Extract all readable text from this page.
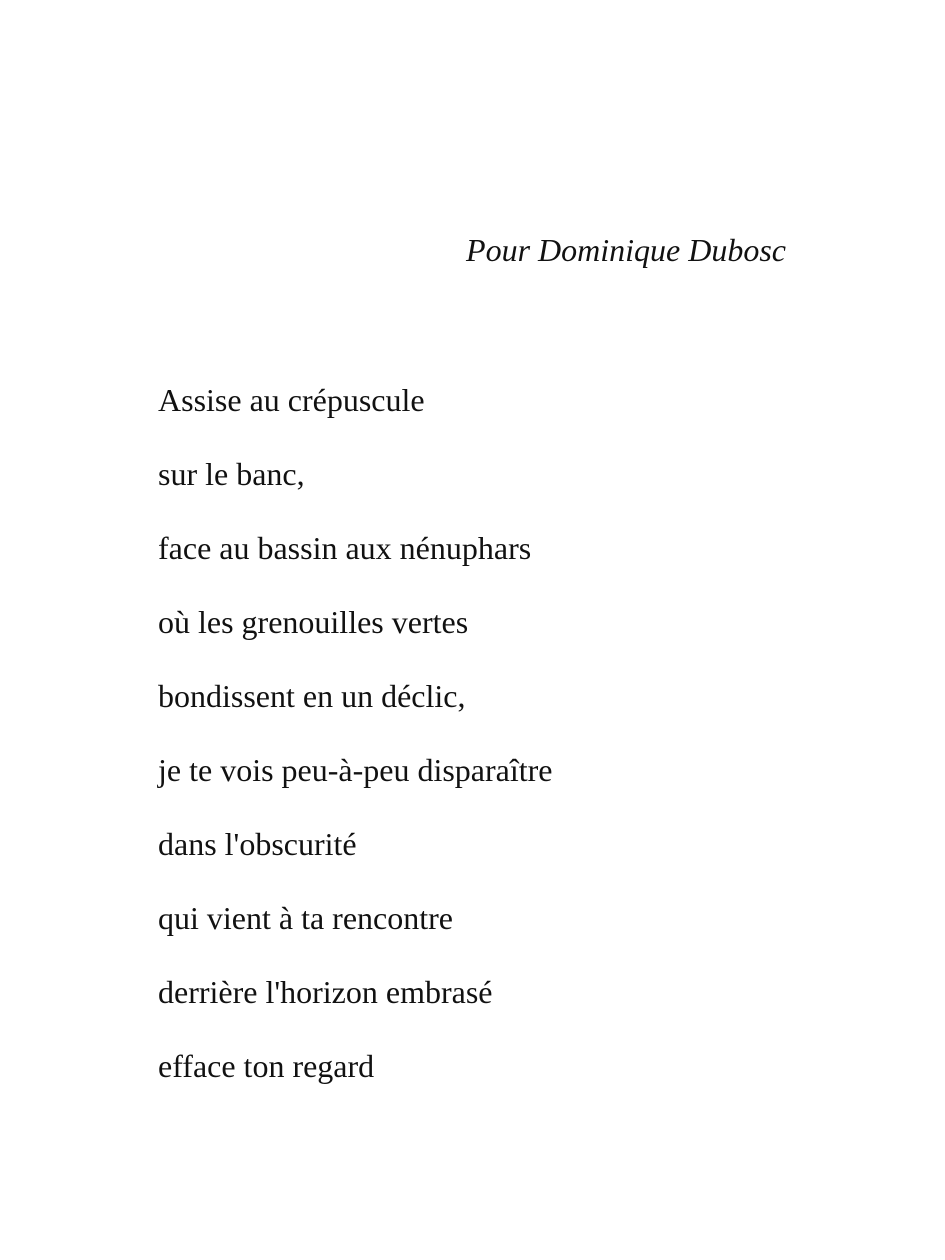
Pour Dominique Dubosc
Assise au crépuscule
sur le banc,
face au bassin aux nénuphars
où les grenouilles vertes
bondissent en un déclic,
je te vois peu-à-peu disparaître
dans l'obscurité
qui vient à ta rencontre
derrière l'horizon embrasé
efface ton regard
